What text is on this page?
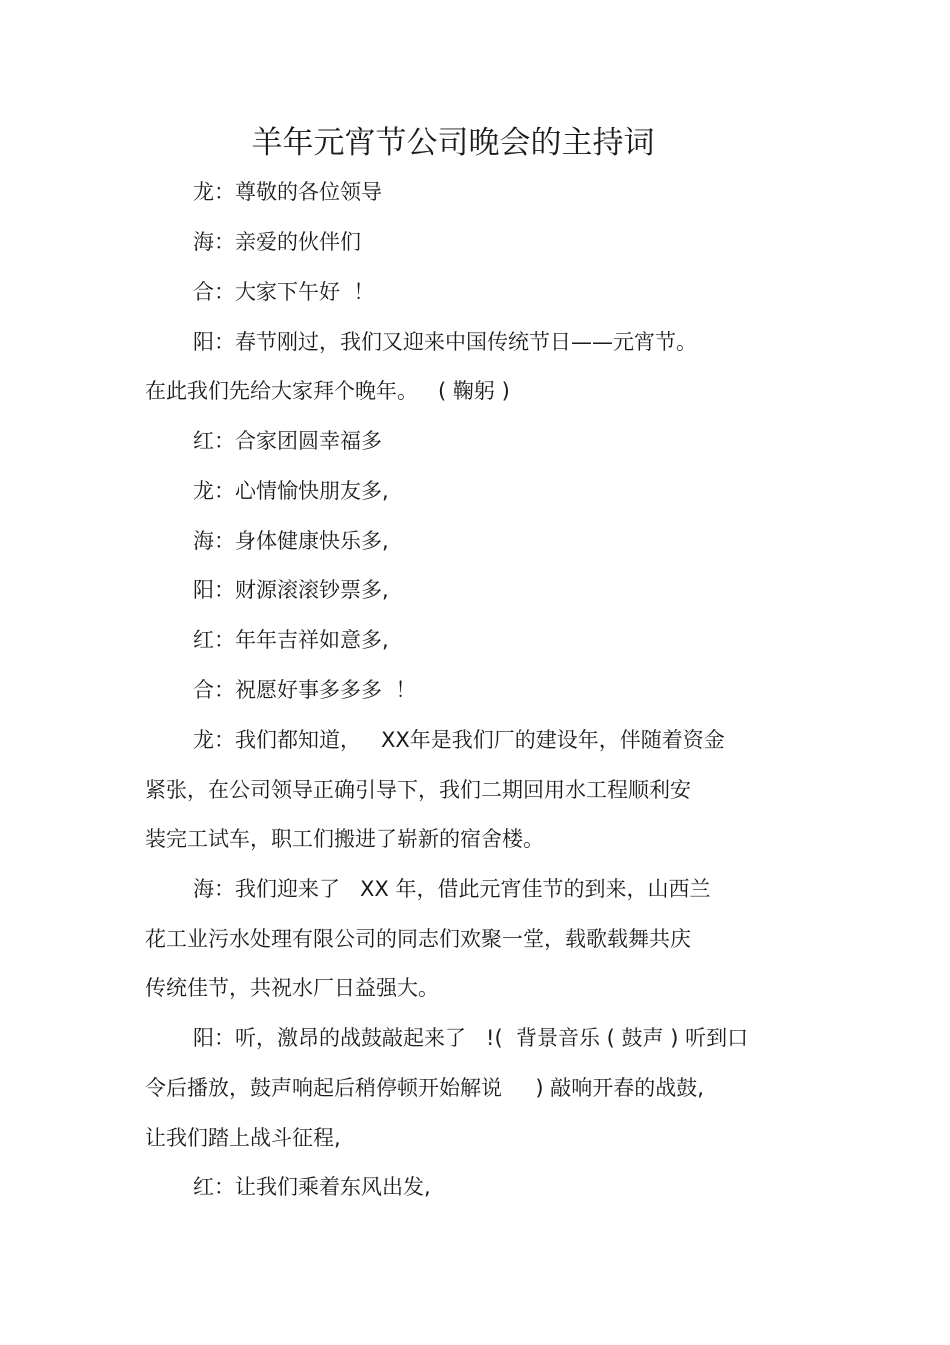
羊年元宵节公司晚会的主持词
龙：尊敬的各位领导
海：亲爱的伙伴们
合：大家下午好  ！
阳：春节刚过，我们又迎来中国传统节日——元宵节。
在此我们先给大家拜个晚年。   ( 鞠躬 )
红：合家团圆幸福多
龙：心情愉快朋友多,
海：身体健康快乐多,
阳：财源滚滚钞票多,
红：年年吉祥如意多,
合：祝愿好事多多多  ！
龙：我们都知道，   XX年是我们厂的建设年，伴随着资金
紧张，在公司领导正确引导下，我们二期回用水工程顺利安
装完工试车，职工们搬进了崭新的宿舍楼。
海：我们迎来了   XX 年，借此元宵佳节的到来，山西兰
花工业污水处理有限公司的同志们欢聚一堂，载歌载舞共庆
传统佳节，共祝水厂日益强大。
阳：听，激昂的战鼓敲起来了   !(  背景音乐 ( 鼓声 ) 听到口
令后播放，鼓声响起后稍停顿开始解说     ) 敲响开春的战鼓,
让我们踏上战斗征程,
红：让我们乘着东风出发,
